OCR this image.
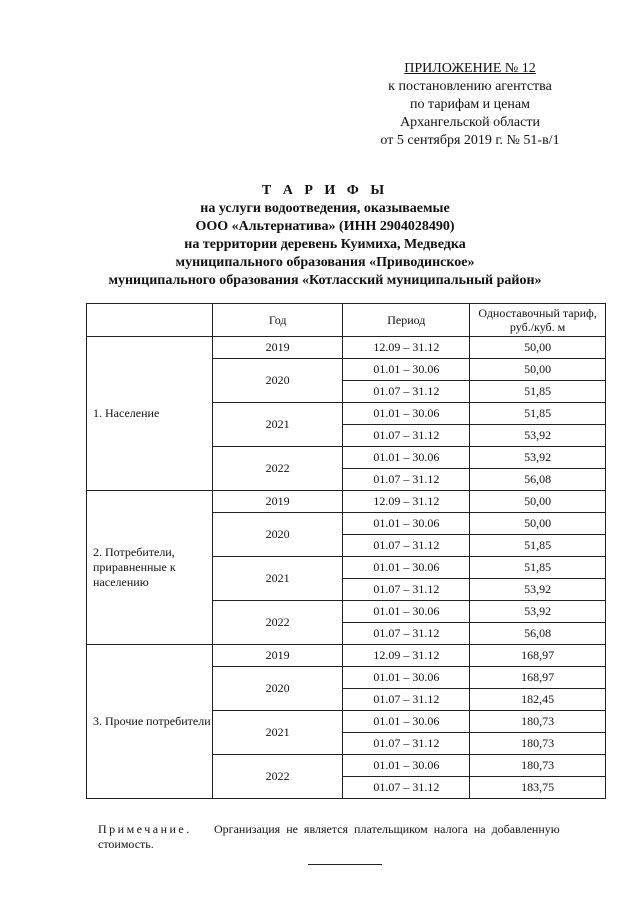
ПРИЛОЖЕНИЕ № 12
к постановлению агентства
по тарифам и ценам
Архангельской области
от 5 сентября 2019 г. № 51-в/1
Т А Р И Ф Ы
на услуги водоотведения, оказываемые
ООО «Альтернатива» (ИНН 2904028490)
на территории деревень Куимиха, Медведка
муниципального образования «Приводинское»
муниципального образования «Котласский муниципальный район»
	Год	Период	Одноставочный тариф, руб./куб. м
1. Население	2019	12.09 – 31.12	50,00
	2020	01.01 – 30.06	50,00
		01.07 – 31.12	51,85
	2021	01.01 – 30.06	51,85
		01.07 – 31.12	53,92
	2022	01.01 – 30.06	53,92
		01.07 – 31.12	56,08
2. Потребители, приравненные к населению	2019	12.09 – 31.12	50,00
	2020	01.01 – 30.06	50,00
		01.07 – 31.12	51,85
	2021	01.01 – 30.06	51,85
		01.07 – 31.12	53,92
	2022	01.01 – 30.06	53,92
		01.07 – 31.12	56,08
3. Прочие потребители	2019	12.09 – 31.12	168,97
	2020	01.01 – 30.06	168,97
		01.07 – 31.12	182,45
	2021	01.01 – 30.06	180,73
		01.07 – 31.12	180,73
	2022	01.01 – 30.06	180,73
		01.07 – 31.12	183,75
Примечание. Организация не является плательщиком налога на добавленную стоимость.
